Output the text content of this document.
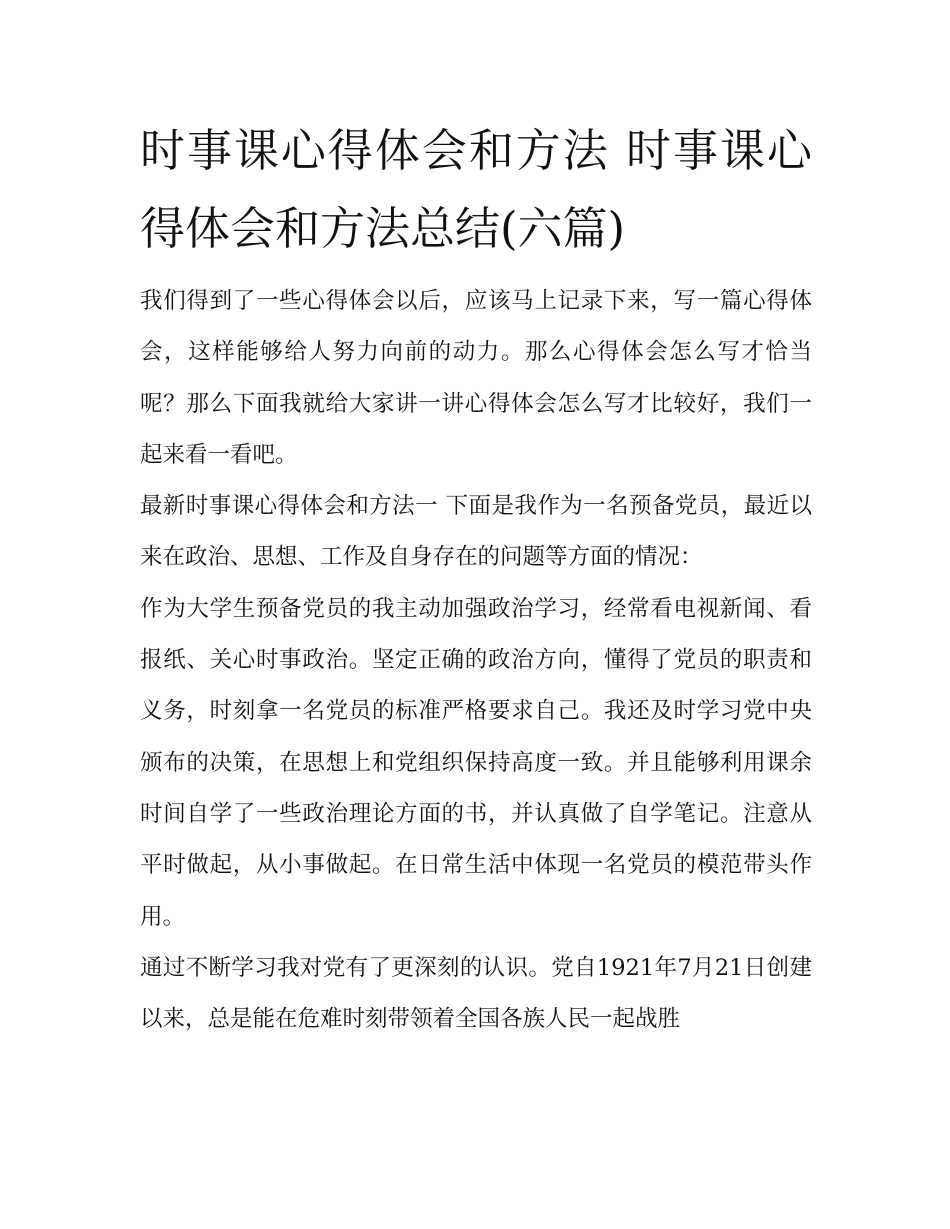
时事课心得体会和方法 时事课心得体会和方法总结(六篇)

我们得到了一些心得体会以后，应该马上记录下来，写一篇心得体会，这样能够给人努力向前的动力。那么心得体会怎么写才恰当呢？那么下面我就给大家讲一讲心得体会怎么写才比较好，我们一起来看一看吧。

最新时事课心得体会和方法一 下面是我作为一名预备党员，最近以来在政治、思想、工作及自身存在的问题等方面的情况：

作为大学生预备党员的我主动加强政治学习，经常看电视新闻、看报纸、关心时事政治。坚定正确的政治方向，懂得了党员的职责和义务，时刻拿一名党员的标准严格要求自己。我还及时学习党中央颁布的决策，在思想上和党组织保持高度一致。并且能够利用课余时间自学了一些政治理论方面的书，并认真做了自学笔记。注意从平时做起，从小事做起。在日常生活中体现一名党员的模范带头作用。

通过不断学习我对党有了更深刻的认识。党自1921年7月21日创建以来，总是能在危难时刻带领着全国各族人民一起战胜
